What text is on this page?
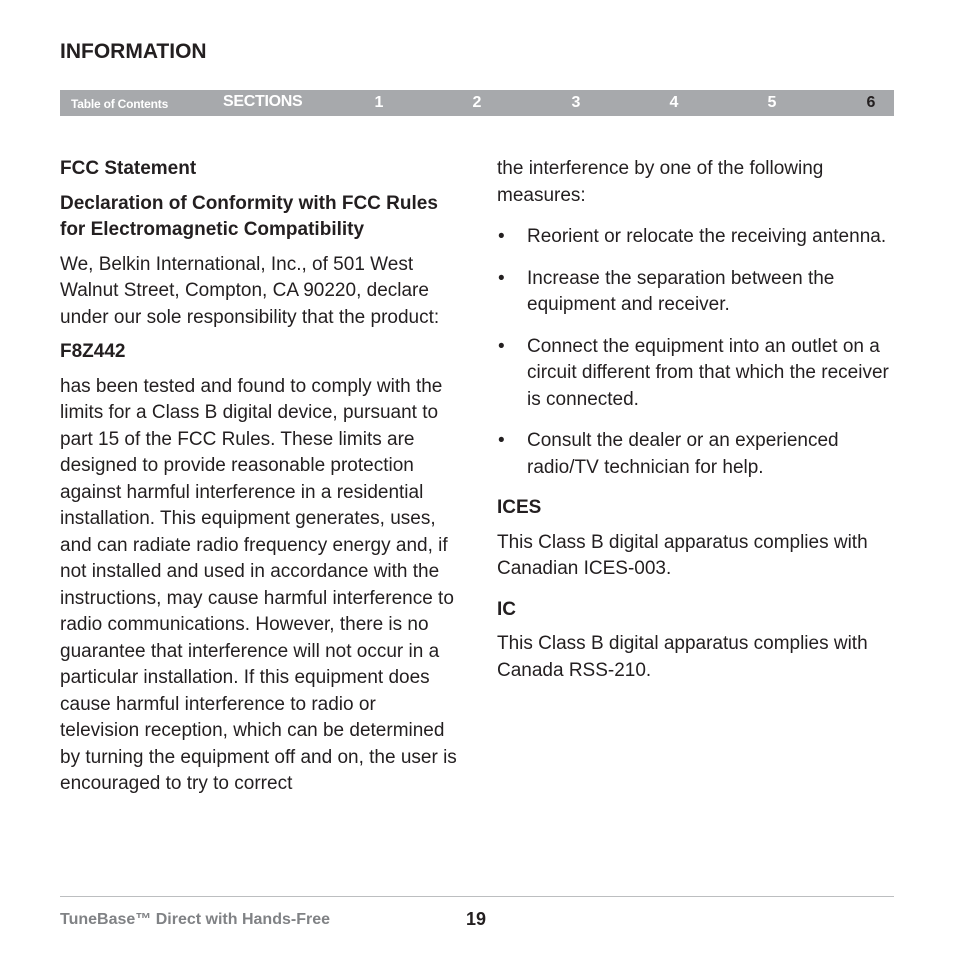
INFORMATION
Table of Contents	SECTIONS	1	2	3	4	5	6

FCC Statement

Declaration of Conformity with FCC Rules for Electromagnetic Compatibility

We, Belkin International, Inc., of 501 West Walnut Street, Compton, CA 90220, declare under our sole responsibility that the product:

F8Z442

has been tested and found to comply with the limits for a Class B digital device, pursuant to part 15 of the FCC Rules. These limits are designed to provide reasonable protection against harmful interference in a residential installation. This equipment generates, uses, and can radiate radio frequency energy and, if not installed and used in accordance with the instructions, may cause harmful interference to radio communications. However, there is no guarantee that interference will not occur in a particular installation. If this equipment does cause harmful interference to radio or television reception, which can be determined by turning the equipment off and on, the user is encouraged to try to correct

the interference by one of the following measures:

• Reorient or relocate the receiving antenna.
• Increase the separation between the equipment and receiver.
• Connect the equipment into an outlet on a circuit different from that which the receiver is connected.
• Consult the dealer or an experienced radio/TV technician for help.

ICES

This Class B digital apparatus complies with Canadian ICES-003.

IC

This Class B digital apparatus complies with Canada RSS-210.

TuneBase™ Direct with Hands-Free	19
